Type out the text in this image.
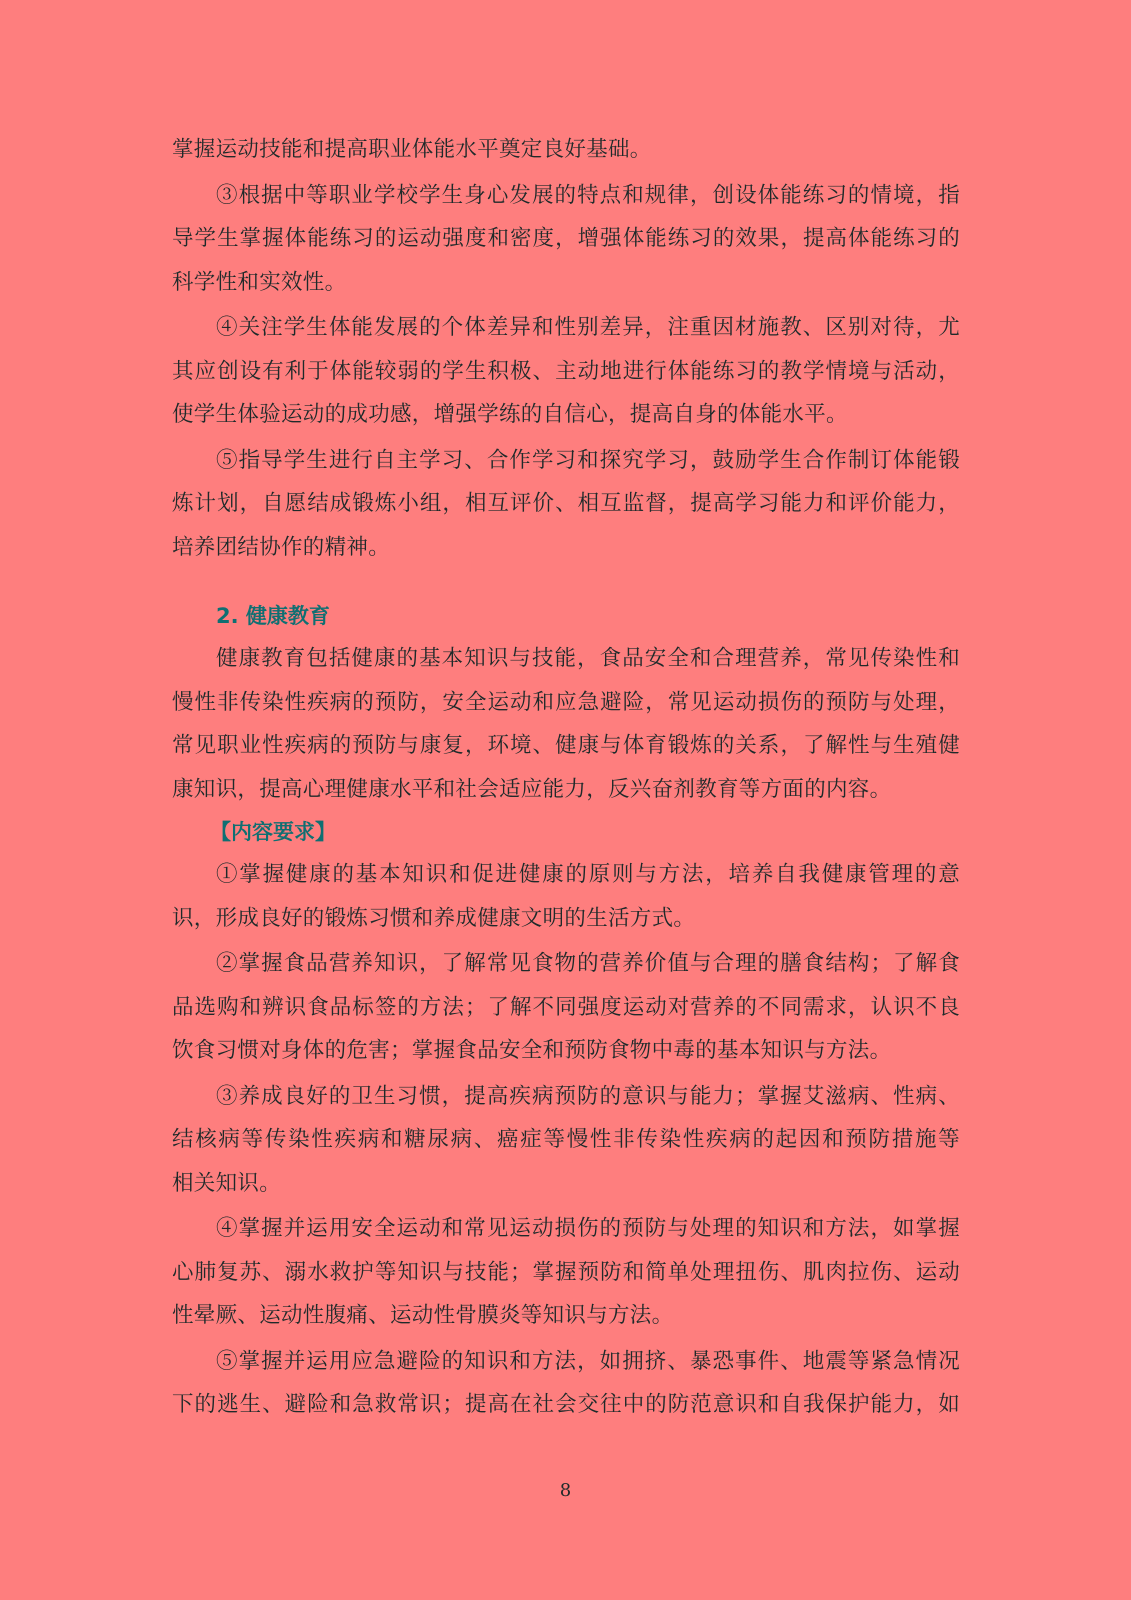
掌握运动技能和提高职业体能水平奠定良好基础。
③根据中等职业学校学生身心发展的特点和规律，创设体能练习的情境，指
导学生掌握体能练习的运动强度和密度，增强体能练习的效果，提高体能练习的
科学性和实效性。
④关注学生体能发展的个体差异和性别差异，注重因材施教、区别对待，尤
其应创设有利于体能较弱的学生积极、主动地进行体能练习的教学情境与活动，
使学生体验运动的成功感，增强学练的自信心，提高自身的体能水平。
⑤指导学生进行自主学习、合作学习和探究学习，鼓励学生合作制订体能锻
炼计划，自愿结成锻炼小组，相互评价、相互监督，提高学习能力和评价能力，
培养团结协作的精神。
2. 健康教育
健康教育包括健康的基本知识与技能，食品安全和合理营养，常见传染性和
慢性非传染性疾病的预防，安全运动和应急避险，常见运动损伤的预防与处理，
常见职业性疾病的预防与康复，环境、健康与体育锻炼的关系，了解性与生殖健
康知识，提高心理健康水平和社会适应能力，反兴奋剂教育等方面的内容。
【内容要求】
①掌握健康的基本知识和促进健康的原则与方法，培养自我健康管理的意
识，形成良好的锻炼习惯和养成健康文明的生活方式。
②掌握食品营养知识，了解常见食物的营养价值与合理的膳食结构；了解食
品选购和辨识食品标签的方法；了解不同强度运动对营养的不同需求，认识不良
饮食习惯对身体的危害；掌握食品安全和预防食物中毒的基本知识与方法。
③养成良好的卫生习惯，提高疾病预防的意识与能力；掌握艾滋病、性病、
结核病等传染性疾病和糖尿病、癌症等慢性非传染性疾病的起因和预防措施等
相关知识。
④掌握并运用安全运动和常见运动损伤的预防与处理的知识和方法，如掌握
心肺复苏、溺水救护等知识与技能；掌握预防和简单处理扭伤、肌肉拉伤、运动
性晕厥、运动性腹痛、运动性骨膜炎等知识与方法。
⑤掌握并运用应急避险的知识和方法，如拥挤、暴恐事件、地震等紧急情况
下的逃生、避险和急救常识；提高在社会交往中的防范意识和自我保护能力，如
8
